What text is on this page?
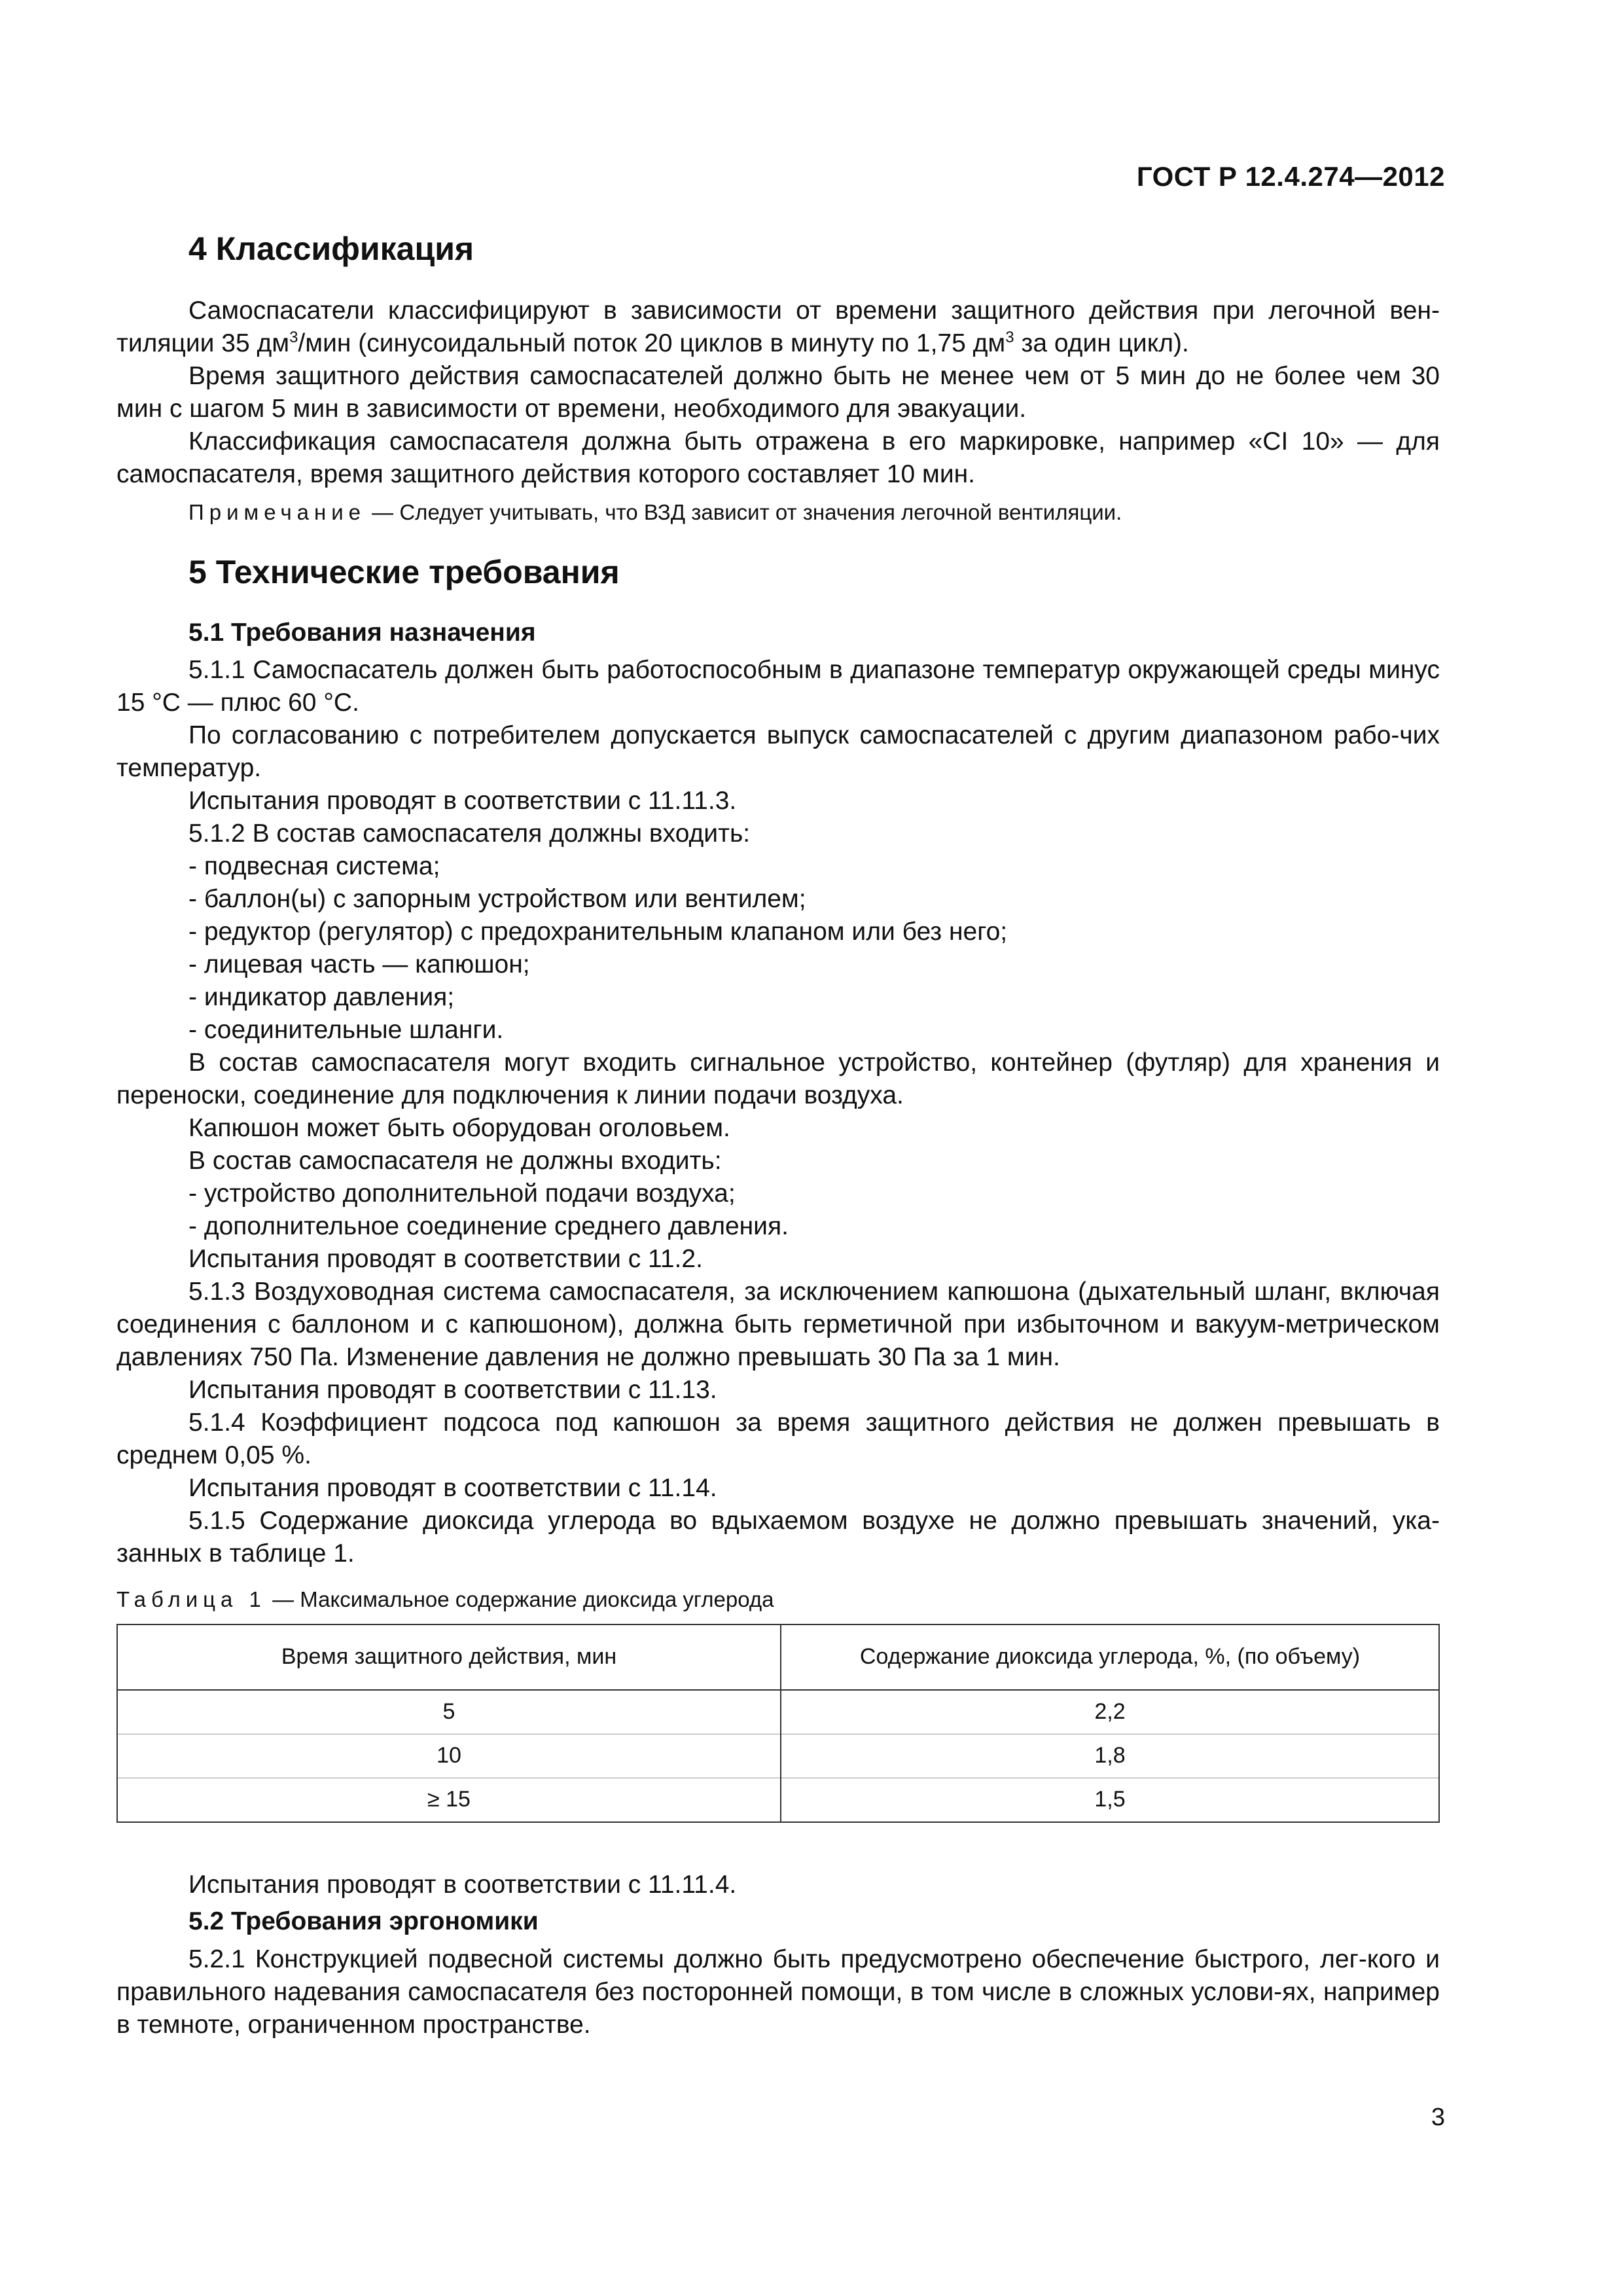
ГОСТ Р 12.4.274—2012
4 Классификация

Самоспасатели классифицируют в зависимости от времени защитного действия при легочной вен-тиляции 35 $дм^3$/мин (синусоидальный поток 20 циклов в минуту по 1,75 $дм^3$ за один цикл).

Время защитного действия самоспасателей должно быть не менее чем от 5 мин до не более чем 30 мин с шагом 5 мин в зависимости от времени, необходимого для эвакуации.

Классификация самоспасателя должна быть отражена в его маркировке, например «CI 10» — для самоспасателя, время защитного действия которого составляет 10 мин.

Примечание — Следует учитывать, что ВЗД зависит от значения легочной вентиляции.

5 Технические требования
5.1 Требования назначения

5.1.1 Самоспасатель должен быть работоспособным в диапазоне температур окружающей среды минус 15 °С — плюс 60 °С.

По согласованию с потребителем допускается выпуск самоспасателей с другим диапазоном рабо-чих температур.

Испытания проводят в соответствии с 11.11.3.

5.1.2 В состав самоспасателя должны входить:

- подвесная система;

- баллон(ы) с запорным устройством или вентилем;

- редуктор (регулятор) с предохранительным клапаном или без него;

- лицевая часть — капюшон;

- индикатор давления;

- соединительные шланги.

В состав самоспасателя могут входить сигнальное устройство, контейнер (футляр) для хранения и переноски, соединение для подключения к линии подачи воздуха.

Капюшон может быть оборудован оголовьем.

В состав самоспасателя не должны входить:

- устройство дополнительной подачи воздуха;

- дополнительное соединение среднего давления.

Испытания проводят в соответствии с 11.2.

5.1.3 Воздуховодная система самоспасателя, за исключением капюшона (дыхательный шланг, включая соединения с баллоном и с капюшоном), должна быть герметичной при избыточном и вакуум-метрическом давлениях 750 Па. Изменение давления не должно превышать 30 Па за 1 мин.

Испытания проводят в соответствии с 11.13.

5.1.4 Коэффициент подсоса под капюшон за время защитного действия не должен превышать в среднем 0,05 %.

Испытания проводят в соответствии с 11.14.

5.1.5 Содержание диоксида углерода во вдыхаемом воздухе не должно превышать значений, ука-занных в таблице 1.

Таблица 1 — Максимальное содержание диоксида углерода

Время защитного действия, мин	Содержание диоксида углерода, %, (по объему)
5	2,2
10	1,8
≥ 15	1,5

Испытания проводят в соответствии с 11.11.4.

5.2 Требования эргономики

5.2.1 Конструкцией подвесной системы должно быть предусмотрено обеспечение быстрого, лег-кого и правильного надевания самоспасателя без посторонней помощи, в том числе в сложных услови-ях, например в темноте, ограниченном пространстве.

3
